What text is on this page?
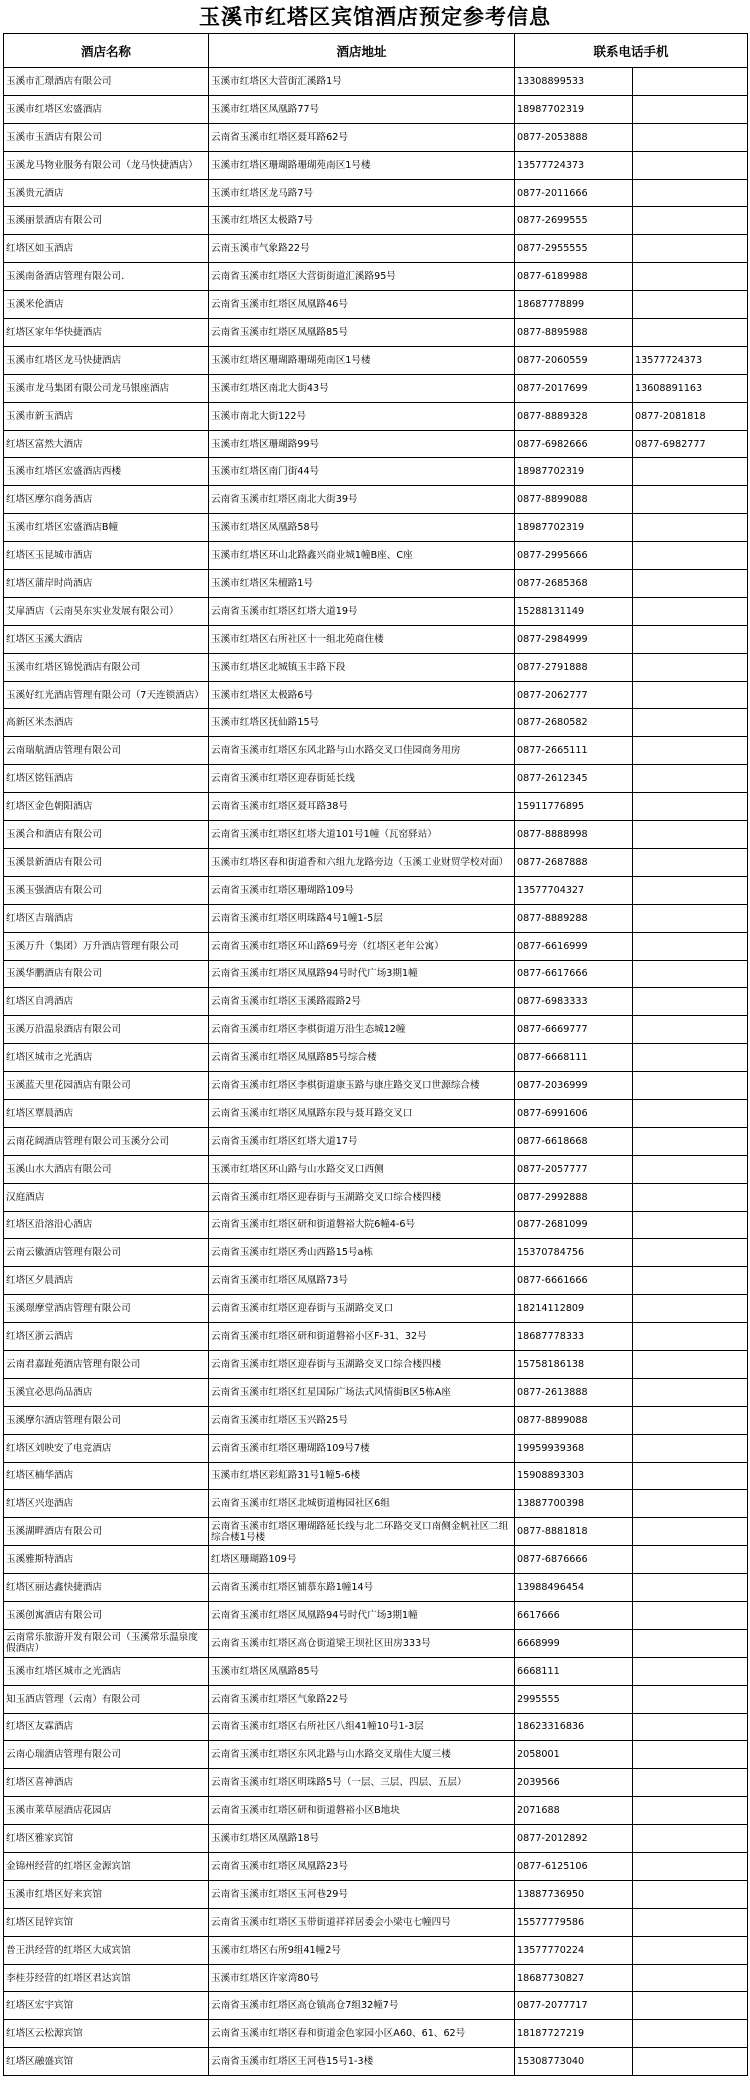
玉溪市红塔区宾馆酒店预定参考信息
酒店名称	酒店地址	联系电话手机	
玉溪市汇璟酒店有限公司	玉溪市红塔区大营街汇溪路1号	13308899533	
玉溪市红塔区宏盛酒店	玉溪市红塔区凤凰路77号	18987702319	
玉溪市玉酒店有限公司	云南省玉溪市红塔区聂耳路62号	0877-2053888	
玉溪龙马物业服务有限公司（龙马快捷酒店）	玉溪市红塔区珊瑚路珊瑚苑南区1号楼	13577724373	
玉溪贵元酒店	玉溪市红塔区龙马路7号	0877-2011666	
玉溪丽景酒店有限公司	玉溪市红塔区太极路7号	0877-2699555	
红塔区如玉酒店	云南玉溪市气象路22号	0877-2955555	
玉溪南备酒店管理有限公司.	云南省玉溪市红塔区大营街街道汇溪路95号	0877-6189988	
玉溪米伦酒店	云南省玉溪市红塔区凤凰路46号	18687778899	
红塔区家年华快捷酒店	云南省玉溪市红塔区凤凰路85号	0877-8895988	
玉溪市红塔区龙马快捷酒店	玉溪市红塔区珊瑚路珊瑚苑南区1号楼	0877-2060559	13577724373
玉溪市龙马集团有限公司龙马银座酒店	玉溪市红塔区南北大街43号	0877-2017699	13608891163
玉溪市新玉酒店	玉溪市南北大街122号	0877-8889328	0877-2081818
红塔区富然大酒店	玉溪市红塔区珊瑚路99号	0877-6982666	0877-6982777
玉溪市红塔区宏盛酒店西楼	玉溪市红塔区南门街44号	18987702319	
红塔区摩尔商务酒店	云南省玉溪市红塔区南北大街39号	0877-8899088	
玉溪市红塔区宏盛酒店B幢	玉溪市红塔区凤凰路58号	18987702319	
红塔区玉昆城市酒店	玉溪市红塔区环山北路鑫兴商业城1幢B座、C座	0877-2995666	
红塔区蒲岸时尚酒店	玉溪市红塔区朱檀路1号	0877-2685368	
艾扉酒店（云南昊东实业发展有限公司）	云南省玉溪市红塔区红塔大道19号	15288131149	
红塔区玉溪大酒店	玉溪市红塔区右所社区十一组北苑商住楼	0877-2984999	
玉溪市红塔区锦悦酒店有限公司	玉溪市红塔区北城镇玉丰路下段	0877-2791888	
玉溪好红光酒店管理有限公司（7天连锁酒店）	玉溪市红塔区太极路6号	0877-2062777	
高新区米杰酒店	玉溪市红塔区抚仙路15号	0877-2680582	
云南瑞航酒店管理有限公司	云南省玉溪市红塔区东风北路与山水路交叉口佳园商务用房	0877-2665111	
红塔区铭钰酒店	云南省玉溪市红塔区迎春街延长线	0877-2612345	
红塔区金色朝阳酒店	云南省玉溪市红塔区聂耳路38号	15911776895	
玉溪合和酒店有限公司	云南省玉溪市红塔区红塔大道101号1幢（瓦窑驿站）	0877-8888998	
玉溪景新酒店有限公司	玉溪市红塔区春和街道香和六组九龙路旁边（玉溪工业财贸学校对面）	0877-2687888	
玉溪玉强酒店有限公司	云南省玉溪市红塔区珊瑚路109号	13577704327	
红塔区吉瑞酒店	云南省玉溪市红塔区明珠路4号1幢1-5层	0877-8889288	
玉溪万升（集团）万升酒店管理有限公司	云南省玉溪市红塔区环山路69号旁（红塔区老年公寓）	0877-6616999	
玉溪华鹏酒店有限公司	云南省玉溪市红塔区凤凰路94号时代广场3期1幢	0877-6617666	
红塔区自鸿酒店	云南省玉溪市红塔区玉溪路霞路2号	0877-6983333	
玉溪万沿温泉酒店有限公司	云南省玉溪市红塔区李棋街道万沿生态城12幢	0877-6669777	
红塔区城市之光酒店	云南省玉溪市红塔区凤凰路85号综合楼	0877-6668111	
玉溪蓝天里花园酒店有限公司	云南省玉溪市红塔区李棋街道康玉路与康庄路交叉口世源综合楼	0877-2036999	
红塔区覃晨酒店	云南省玉溪市红塔区凤凰路东段与聂耳路交叉口	0877-6991606	
云南花阔酒店管理有限公司玉溪分公司	云南省玉溪市红塔区红塔大道17号	0877-6618668	
玉溪山水大酒店有限公司	玉溪市红塔区环山路与山水路交叉口西侧	0877-2057777	
汉庭酒店	云南省玉溪市红塔区迎春街与玉湖路交叉口综合楼四楼	0877-2992888	
红塔区沿溶沿心酒店	云南省玉溪市红塔区研和街道磐裕大院6幢4-6号	0877-2681099	
云南云徽酒店管理有限公司	云南省玉溪市红塔区秀山西路15号a栋	15370784756	
红塔区夕晨酒店	云南省玉溪市红塔区凤凰路73号	0877-6661666	
玉溪璟摩堂酒店管理有限公司	云南省玉溪市红塔区迎春街与玉湖路交叉口	18214112809	
红塔区浙云酒店	云南省玉溪市红塔区研和街道磐裕小区F-31、32号	18687778333	
云南君嘉趾苑酒店管理有限公司	云南省玉溪市红塔区迎春街与玉湖路交叉口综合楼四楼	15758186138	
玉溪宜必思尚品酒店	云南省玉溪市红塔区红星国际广场法式风情街B区5栋A座	0877-2613888	
玉溪摩尔酒店管理有限公司	云南省玉溪市红塔区玉兴路25号	0877-8899088	
红塔区刘映安了电竞酒店	云南省玉溪市红塔区珊瑚路109号7楼	19959939368	
红塔区楠华酒店	玉溪市红塔区彩虹路31号1幢5-6楼	15908893303	
红塔区兴迩酒店	云南省玉溪市红塔区北城街道梅园社区6组	13887700398	
玉溪湖畔酒店有限公司	云南省玉溪市红塔区珊瑚路延长线与北二环路交叉口南侧金帆社区二组综合楼1号楼	0877-8881818	
玉溪雅斯特酒店	红塔区珊瑚路109号	0877-6876666	
红塔区丽达鑫快捷酒店	云南省玉溪市红塔区铺慕东路1幢14号	13988496454	
玉溪创寓酒店有限公司	云南省玉溪市红塔区凤凰路94号时代广场3期1幢	6617666	
云南常乐旅游开发有限公司（玉溪常乐温泉度假酒店）	云南省玉溪市红塔区高仓街道梁王坝社区田房333号	6668999	
玉溪市红塔区城市之光酒店	玉溪市红塔区凤凰路85号	6668111	
知玉酒店管理（云南）有限公司	云南省玉溪市红塔区气象路22号	2995555	
红塔区友霖酒店	云南省玉溪市红塔区右所社区八组41幢10号1-3层	18623316836	
云南心瑞酒店管理有限公司	云南省玉溪市红塔区东风北路与山水路交叉瑞佳大厦三楼	2058001	
红塔区喜神酒店	云南省玉溪市红塔区明珠路5号（一层、三层、四层、五层）	2039566	
玉溪市莱草屋酒店花园店	云南省玉溪市红塔区研和街道磐裕小区B地块	2071688	
红塔区雅家宾馆	玉溪市红塔区凤凰路18号	0877-2012892	
金锦州经营的红塔区金源宾馆	云南省玉溪市红塔区凤凰路23号	0877-6125106	
玉溪市红塔区好来宾馆	云南省玉溪市红塔区玉河巷29号	13887736950	
红塔区昆锌宾馆	云南省玉溪市红塔区玉带街道祥祥居委会小梁屯七幢四号	15577779586	
普王洪经营的红塔区大成宾馆	玉溪市红塔区右所9组41幢2号	13577770224	
李桂芬经营的红塔区君达宾馆	玉溪市红塔区许家湾80号	18687730827	
红塔区宏宇宾馆	云南省玉溪市红塔区高仓镇高仓7组32幢7号	0877-2077717	
红塔区云松源宾馆	云南省玉溪市红塔区春和街道金色家园小区A60、61、62号	18187727219	
红塔区融盛宾馆	云南省玉溪市红塔区王河巷15号1-3楼	15308773040	
